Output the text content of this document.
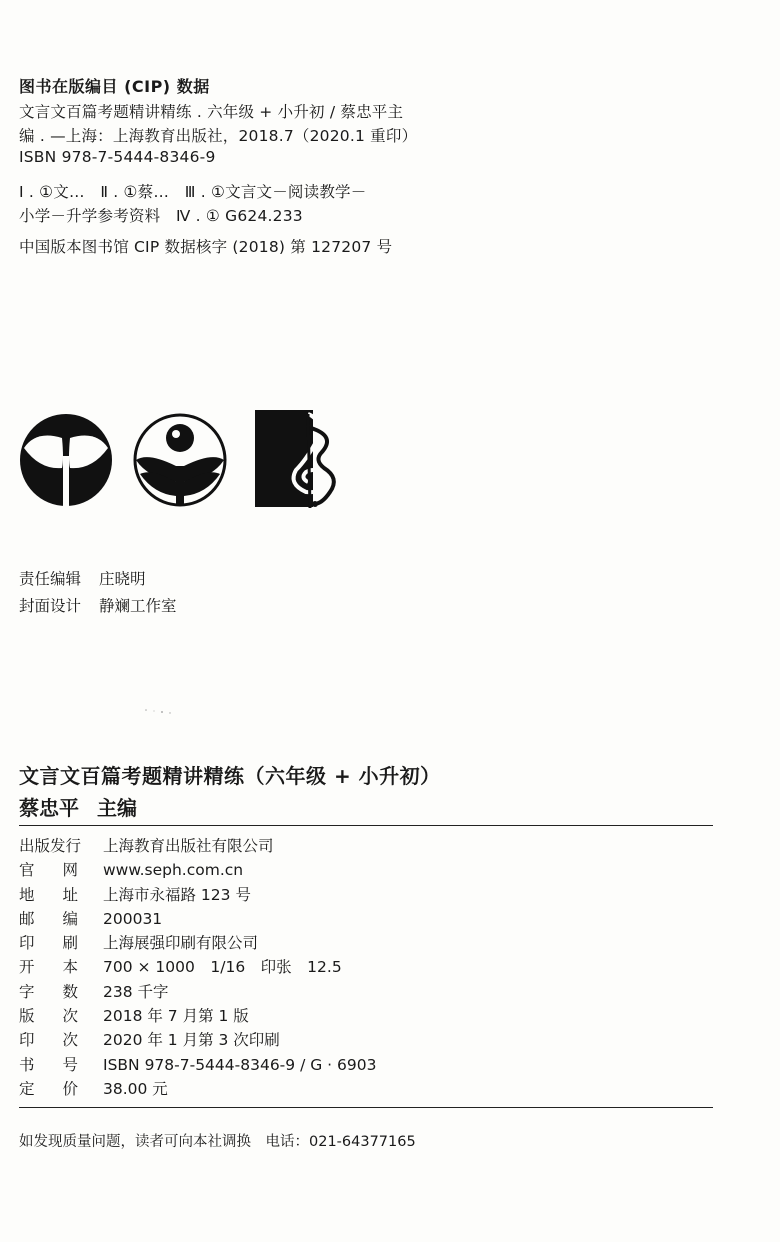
图书在版编目 (CIP) 数据
文言文百篇考题精讲精练 . 六年级 + 小升初 / 蔡忠平主
编 . —上海：上海教育出版社，2018.7（2020.1 重印）
ISBN 978-7-5444-8346-9
Ⅰ . ①文…　Ⅱ . ①蔡…　Ⅲ . ①文言文－阅读教学－
小学－升学参考资料　Ⅳ . ① G624.233
中国版本图书馆 CIP 数据核字 (2018) 第 127207 号
责任编辑 庄晓明
封面设计 静斓工作室
文言文百篇考题精讲精练（六年级 + 小升初）
蔡忠平 主编
出版发行 上海教育出版社有限公司
官网www.seph.com.cn
地址上海市永福路 123 号
邮编200031
印刷上海展强印刷有限公司
开本700 × 1000　1/16　印张　12.5
字数238 千字
版次2018 年 7 月第 1 版
印次2020 年 1 月第 3 次印刷
书号ISBN 978-7-5444-8346-9 / G · 6903
定价38.00 元
如发现质量问题，读者可向本社调换　电话：021-64377165
